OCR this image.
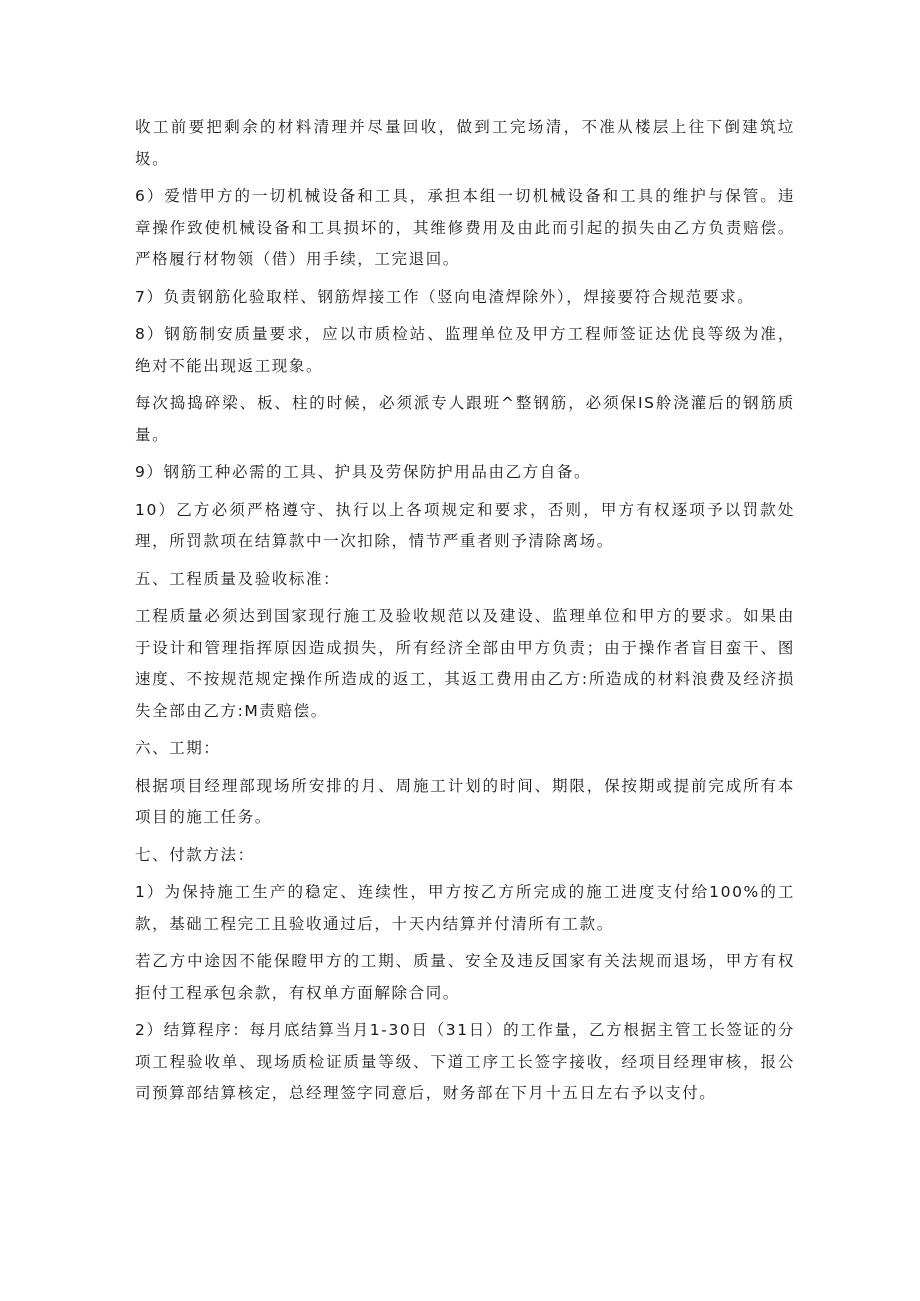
收工前要把剩余的材料清理并尽量回收，做到工完场清，不准从楼层上往下倒建筑垃圾。

6）爱惜甲方的一切机械设备和工具，承担本组一切机械设备和工具的维护与保管。违章操作致使机械设备和工具损坏的，其维修费用及由此而引起的损失由乙方负责赔偿。严格履行材物领（借）用手续，工完退回。

7）负责钢筋化验取样、钢筋焊接工作（竖向电渣焊除外），焊接要符合规范要求。

8）钢筋制安质量要求，应以市质检站、监理单位及甲方工程师签证达优良等级为准，绝对不能出现返工现象。

每次捣捣碎梁、板、柱的时候，必须派专人跟班^整钢筋，必须保IS舲浇灌后的钢筋质量。

9）钢筋工种必需的工具、护具及劳保防护用品由乙方自备。

10）乙方必须严格遵守、执行以上各项规定和要求，否则，甲方有权逐项予以罚款处理，所罚款项在结算款中一次扣除，情节严重者则予清除离场。

五、工程质量及验收标准：

工程质量必须达到国家现行施工及验收规范以及建设、监理单位和甲方的要求。如果由于设计和管理指挥原因造成损失，所有经济全部由甲方负责；由于操作者盲目蛮干、图速度、不按规范规定操作所造成的返工，其返工费用由乙方:所造成的材料浪费及经济损失全部由乙方:M责赔偿。

六、工期：

根据项目经理部现场所安排的月、周施工计划的时间、期限，保按期或提前完成所有本项目的施工任务。

七、付款方法：

1）为保持施工生产的稳定、连续性，甲方按乙方所完成的施工进度支付给100%的工款，基础工程完工且验收通过后，十天内结算并付清所有工款。

若乙方中途因不能保瞪甲方的工期、质量、安全及违反国家有关法规而退场，甲方有权拒付工程承包余款，有权单方面解除合同。

2）结算程序：每月底结算当月1-30日（31日）的工作量，乙方根据主管工长签证的分项工程验收单、现场质检证质量等级、下道工序工长签字接收，经项目经理审核，报公司预算部结算核定，总经理签字同意后，财务部在下月十五日左右予以支付。
